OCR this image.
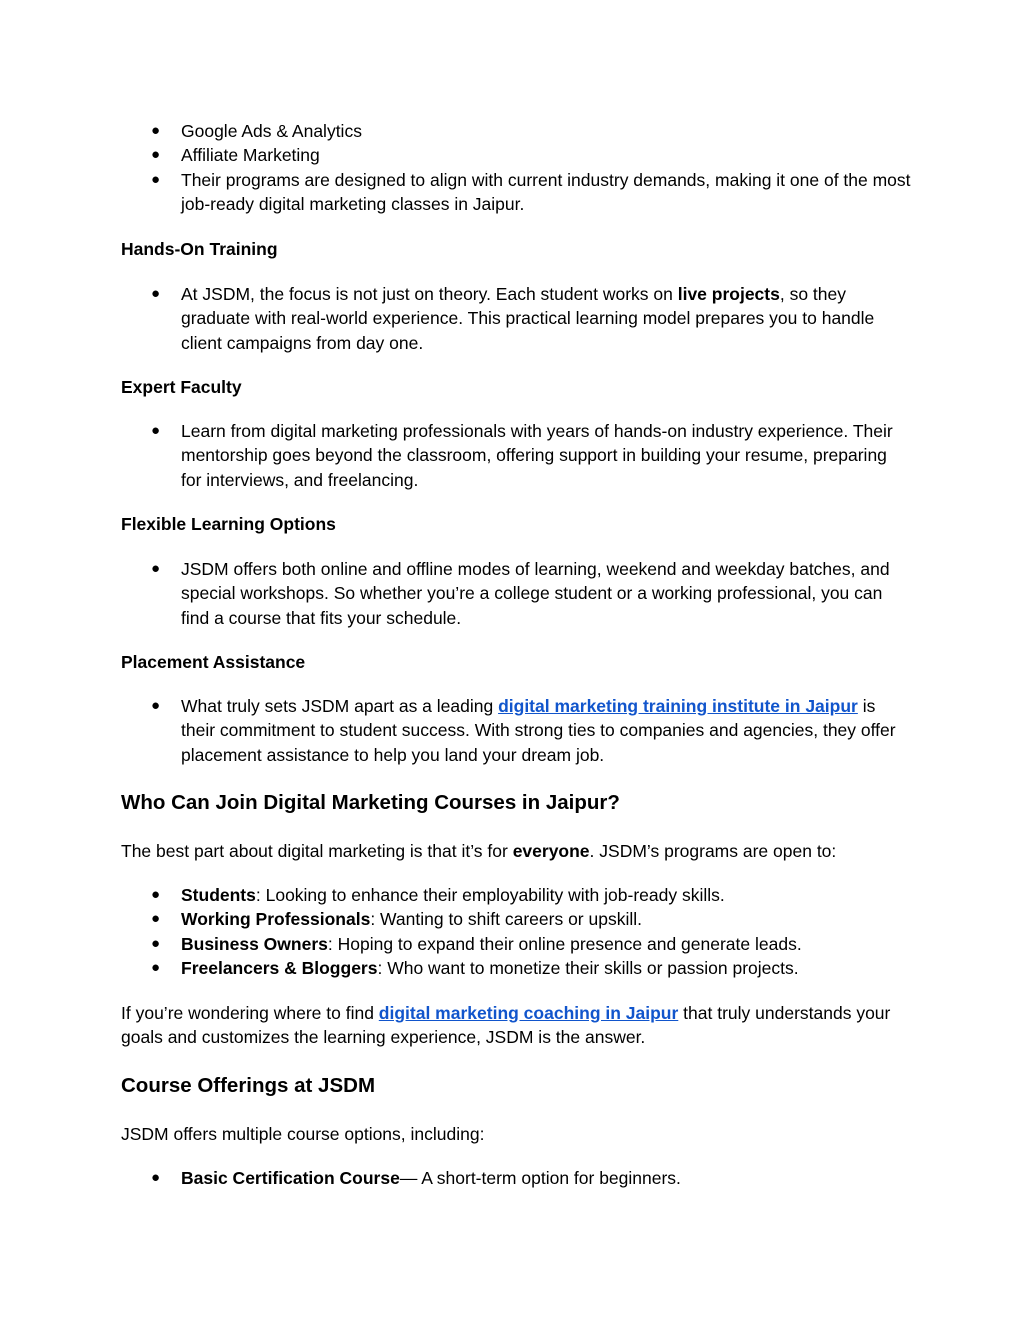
● Google Ads & Analytics
● Affiliate Marketing
● Their programs are designed to align with current industry demands, making it one of the most job-ready digital marketing classes in Jaipur.
Hands-On Training
● At JSDM, the focus is not just on theory. Each student works on live projects, so they graduate with real-world experience. This practical learning model prepares you to handle client campaigns from day one.
Expert Faculty
● Learn from digital marketing professionals with years of hands-on industry experience. Their mentorship goes beyond the classroom, offering support in building your resume, preparing for interviews, and freelancing.
Flexible Learning Options
● JSDM offers both online and offline modes of learning, weekend and weekday batches, and special workshops. So whether you’re a college student or a working professional, you can find a course that fits your schedule.
Placement Assistance
● What truly sets JSDM apart as a leading digital marketing training institute in Jaipur is their commitment to student success. With strong ties to companies and agencies, they offer placement assistance to help you land your dream job.
Who Can Join Digital Marketing Courses in Jaipur?

The best part about digital marketing is that it’s for everyone. JSDM’s programs are open to:

● Students: Looking to enhance their employability with job-ready skills.
● Working Professionals: Wanting to shift careers or upskill.
● Business Owners: Hoping to expand their online presence and generate leads.
● Freelancers & Bloggers: Who want to monetize their skills or passion projects.

If you’re wondering where to find digital marketing coaching in Jaipur that truly understands your goals and customizes the learning experience, JSDM is the answer.

Course Offerings at JSDM

JSDM offers multiple course options, including:

● Basic Certification Course— A short-term option for beginners.
